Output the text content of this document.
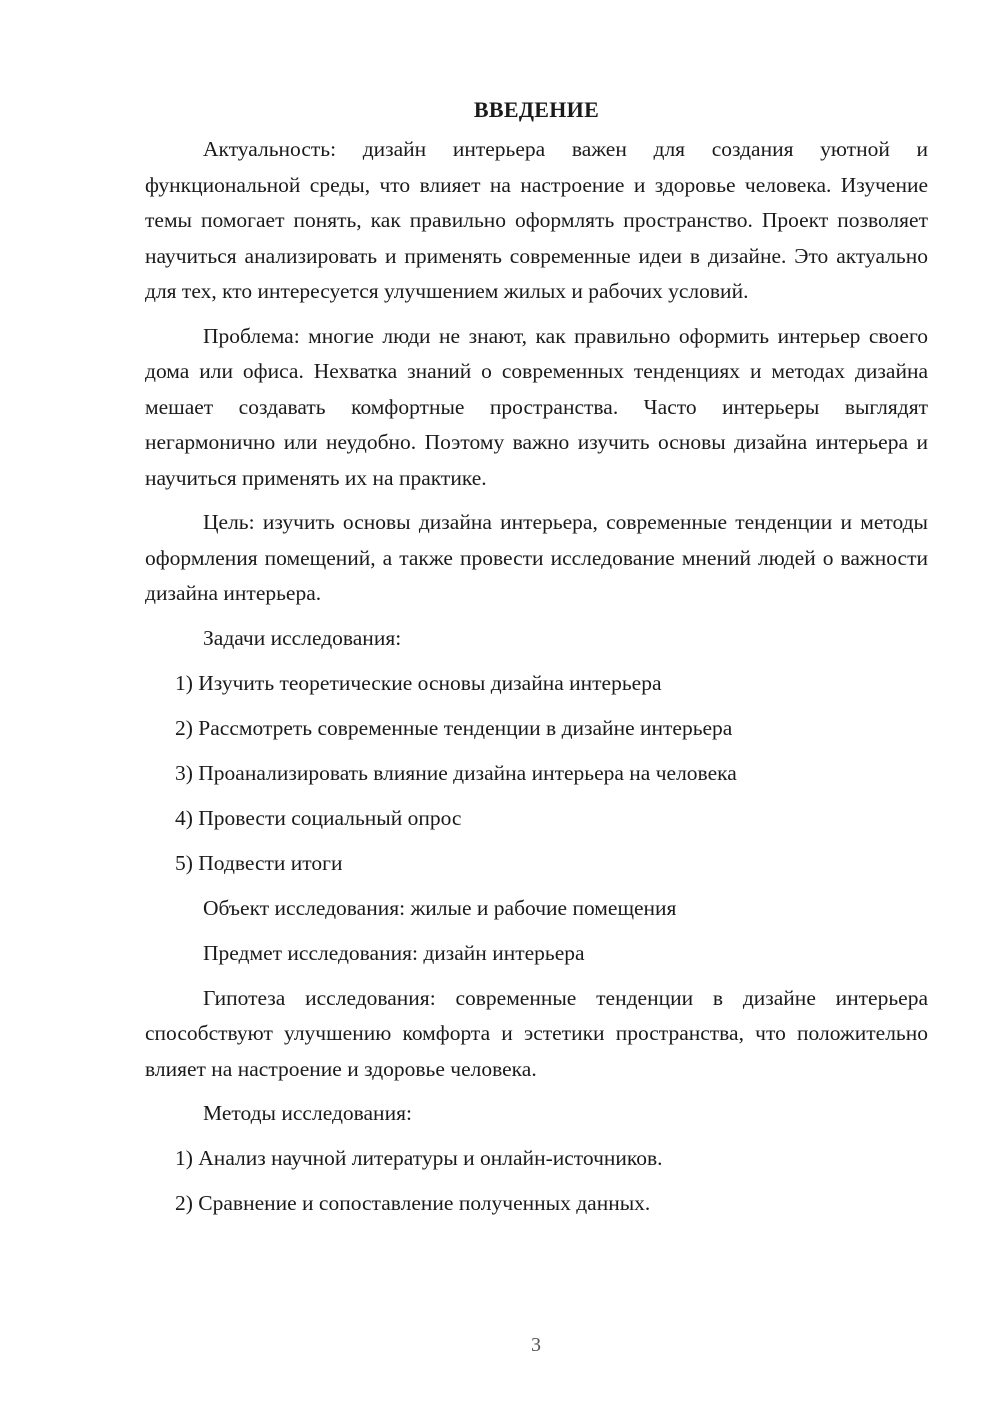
ВВЕДЕНИЕ

Актуальность: дизайн интерьера важен для создания уютной и функциональной среды, что влияет на настроение и здоровье человека. Изучение темы помогает понять, как правильно оформлять пространство. Проект позволяет научиться анализировать и применять современные идеи в дизайне. Это актуально для тех, кто интересуется улучшением жилых и рабочих условий.

Проблема: многие люди не знают, как правильно оформить интерьер своего дома или офиса. Нехватка знаний о современных тенденциях и методах дизайна мешает создавать комфортные пространства. Часто интерьеры выглядят негармонично или неудобно. Поэтому важно изучить основы дизайна интерьера и научиться применять их на практике.

Цель: изучить основы дизайна интерьера, современные тенденции и методы оформления помещений, а также провести исследование мнений людей о важности дизайна интерьера.

Задачи исследования:
1) Изучить теоретические основы дизайна интерьера
2) Рассмотреть современные тенденции в дизайне интерьера
3) Проанализировать влияние дизайна интерьера на человека
4) Провести социальный опрос
5) Подвести итоги
Объект исследования: жилые и рабочие помещения
Предмет исследования: дизайн интерьера

Гипотеза исследования: современные тенденции в дизайне интерьера способствуют улучшению комфорта и эстетики пространства, что положительно влияет на настроение и здоровье человека.

Методы исследования:
1) Анализ научной литературы и онлайн-источников.
2) Сравнение и сопоставление полученных данных.
3
